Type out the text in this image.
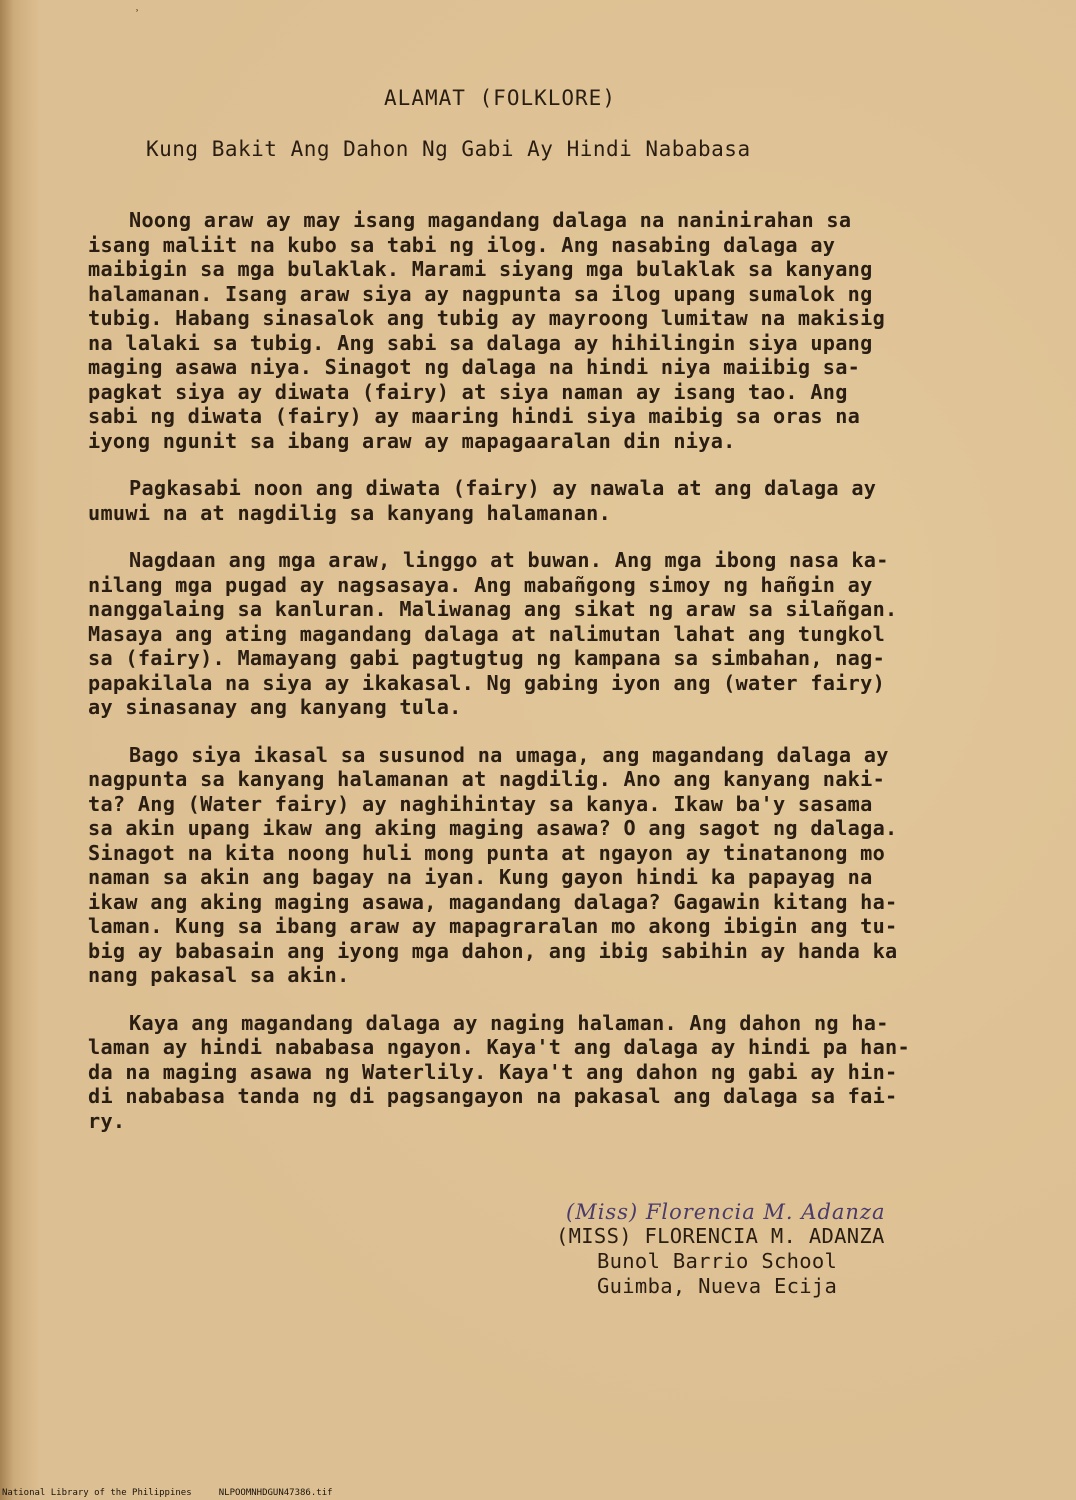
˒
ALAMAT (FOLKLORE)
Kung Bakit Ang Dahon Ng Gabi Ay Hindi Nababasa
Noong araw ay may isang magandang dalaga na naninirahan sa
isang maliit na kubo sa tabi ng ilog. Ang nasabing dalaga ay
maibigin sa mga bulaklak. Marami siyang mga bulaklak sa kanyang
halamanan. Isang araw siya ay nagpunta sa ilog upang sumalok ng
tubig. Habang sinasalok ang tubig ay mayroong lumitaw na makisig
na lalaki sa tubig. Ang sabi sa dalaga ay hihilingin siya upang
maging asawa niya. Sinagot ng dalaga na hindi niya maiibig sa-
pagkat siya ay diwata (fairy) at siya naman ay isang tao. Ang
sabi ng diwata (fairy) ay maaring hindi siya maibig sa oras na
iyong ngunit sa ibang araw ay mapagaaralan din niya.
Pagkasabi noon ang diwata (fairy) ay nawala at ang dalaga ay
umuwi na at nagdilig sa kanyang halamanan.
Nagdaan ang mga araw, linggo at buwan. Ang mga ibong nasa ka-
nilang mga pugad ay nagsasaya. Ang mabañgong simoy ng hañgin ay
nanggalaing sa kanluran. Maliwanag ang sikat ng araw sa silañgan.
Masaya ang ating magandang dalaga at nalimutan lahat ang tungkol
sa (fairy). Mamayang gabi pagtugtug ng kampana sa simbahan, nag-
papakilala na siya ay ikakasal. Ng gabing iyon ang (water fairy)
ay sinasanay ang kanyang tula.
Bago siya ikasal sa susunod na umaga, ang magandang dalaga ay
nagpunta sa kanyang halamanan at nagdilig. Ano ang kanyang naki-
ta? Ang (Water fairy) ay naghihintay sa kanya. Ikaw ba'y sasama
sa akin upang ikaw ang aking maging asawa? O ang sagot ng dalaga.
Sinagot na kita noong huli mong punta at ngayon ay tinatanong mo
naman sa akin ang bagay na iyan. Kung gayon hindi ka papayag na
ikaw ang aking maging asawa, magandang dalaga? Gagawin kitang ha-
laman. Kung sa ibang araw ay mapagraralan mo akong ibigin ang tu-
big ay babasain ang iyong mga dahon, ang ibig sabihin ay handa ka
nang pakasal sa akin.
Kaya ang magandang dalaga ay naging halaman. Ang dahon ng ha-
laman ay hindi nababasa ngayon. Kaya't ang dalaga ay hindi pa han-
da na maging asawa ng Waterlily. Kaya't ang dahon ng gabi ay hin-
di nababasa tanda ng di pagsangayon na pakasal ang dalaga sa fai-
ry.
(Miss) Florencia M. Adanza
(MISS) FLORENCIA M. ADANZA
Bunol Barrio School
Guimba, Nueva Ecija
National Library of the Philippines     NLPOOMNHDGUN47386.tif
